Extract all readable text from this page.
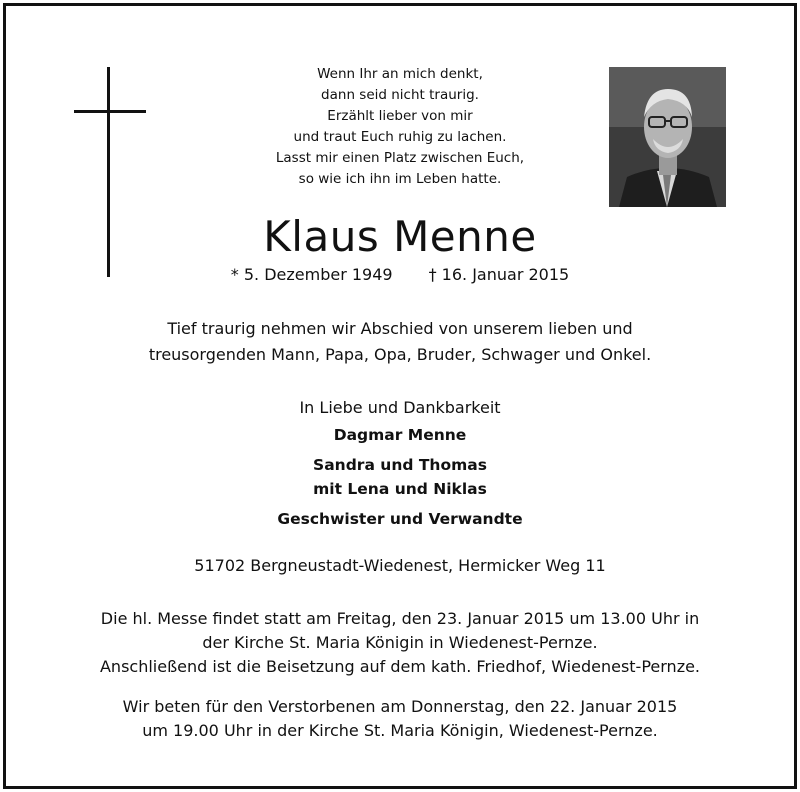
Wenn Ihr an mich denkt,
dann seid nicht traurig.
Erzählt lieber von mir
und traut Euch ruhig zu lachen.
Lasst mir einen Platz zwischen Euch,
so wie ich ihn im Leben hatte.
Klaus Menne
* 5. Dezember 1949 † 16. Januar 2015
Tief traurig nehmen wir Abschied von unserem lieben und
treusorgenden Mann, Papa, Opa, Bruder, Schwager und Onkel.
In Liebe und Dankbarkeit
Dagmar Menne
Sandra und Thomas
mit Lena und Niklas
Geschwister und Verwandte
51702 Bergneustadt-Wiedenest, Hermicker Weg 11
Die hl. Messe findet statt am Freitag, den 23. Januar 2015 um 13.00 Uhr in
der Kirche St. Maria Königin in Wiedenest-Pernze.
Anschließend ist die Beisetzung auf dem kath. Friedhof, Wiedenest-Pernze.
Wir beten für den Verstorbenen am Donnerstag, den 22. Januar 2015
um 19.00 Uhr in der Kirche St. Maria Königin, Wiedenest-Pernze.
